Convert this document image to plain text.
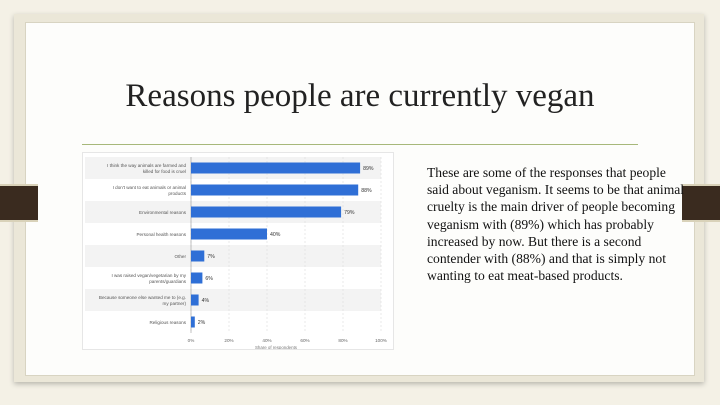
Reasons people are currently vegan
89%
I think the way animals are farmed and
killed for food is cruel
88%
I don't want to eat animals or animal
products
79%
Environmental reasons
40%
Personal health reasons
7%
Other
6%
I was raised vegan/vegetarian by my
parents/guardians
4%
Because someone else wanted me to (e.g.
my partner)
2%
Religious reasons
0%	20%	40%	60%	80%	100%
Share of respondents
These are some of the responses that people said about veganism. It seems to be that animal cruelty is the main driver of people becoming veganism with (89%) which has probably increased by now. But there is a second contender with (88%) and that is simply not wanting to eat meat-based products.
